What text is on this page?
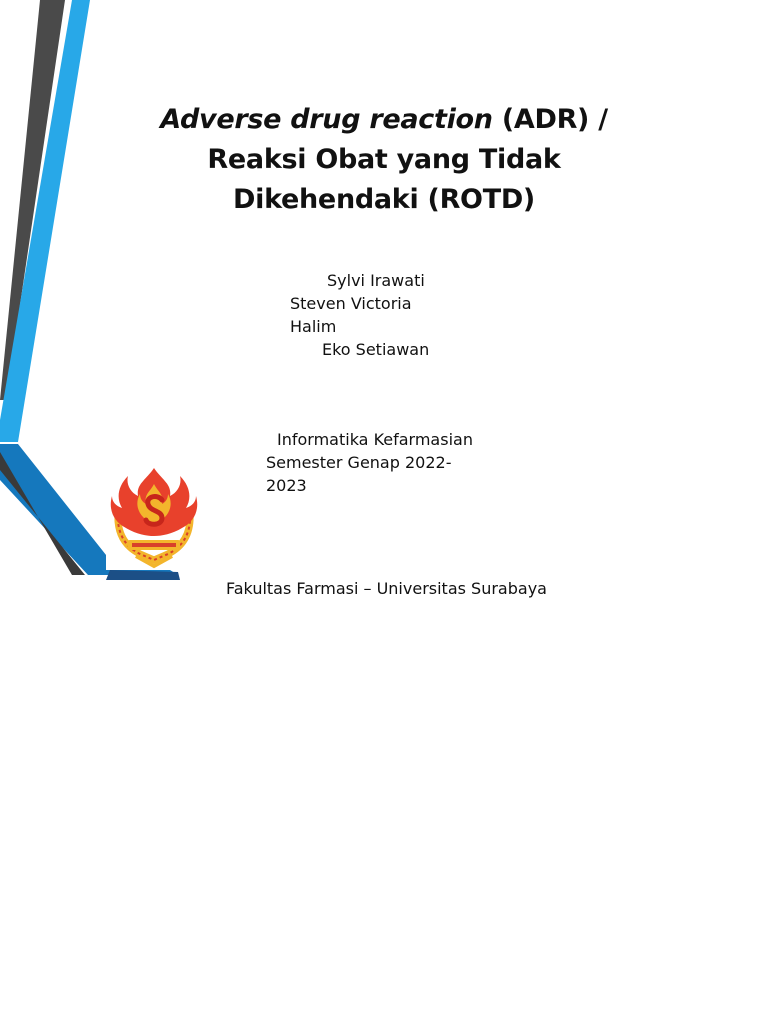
Adverse drug reaction (ADR) /
Reaksi Obat yang Tidak
Dikehendaki (ROTD)
Sylvi Irawati
Steven Victoria
Halim
Eko Setiawan
Informatika Kefarmasian
Semester Genap 2022-
2023
Fakultas Farmasi – Universitas Surabaya
